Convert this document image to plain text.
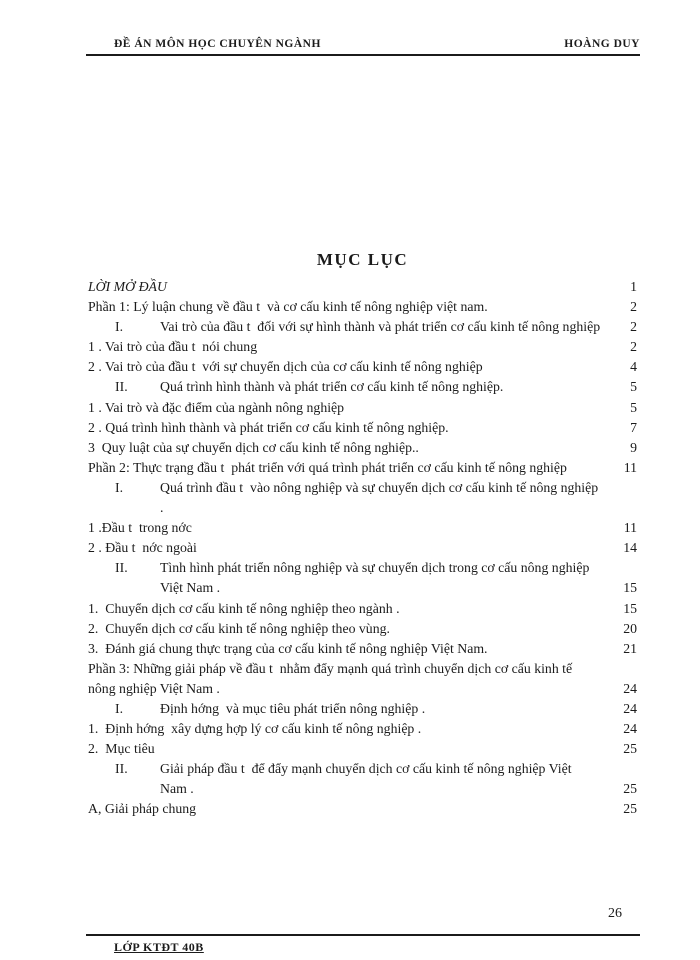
ĐỀ ÁN MÔN HỌC CHUYÊN NGÀNH	HOÀNG DUY
MỤC LỤC
LỜI MỞ ĐẦU	1
Phần 1: Lý luận chung về đầu t  và cơ cấu kinh tế nông nghiệp việt nam.	2
I.	Vai trò của đầu t  đối với sự hình thành và phát triển cơ cấu kinh tế nông nghiệp	2
1 . Vai trò của đầu t  nói chung	2
2 . Vai trò của đầu t  với sự chuyển dịch của cơ cấu kinh tế nông nghiệp	4
II.	Quá trình hình thành và phát triển cơ cấu kinh tế nông nghiệp.	5
1 . Vai trò và đặc điểm của ngành nông nghiệp	5
2 . Quá trình hình thành và phát triển cơ cấu kinh tế nông nghiệp.	7
3  Quy luật của sự chuyển dịch cơ cấu kinh tế nông nghiệp..	9
Phần 2: Thực trạng đầu t  phát triển với quá trình phát triển cơ cấu kinh tế nông nghiệp	11
I.	Quá trình đầu t  vào nông nghiệp và sự chuyển dịch cơ cấu kinh tế nông nghiệp .
1 .Đầu t  trong nớc	11
2 . Đầu t  nớc ngoài	14
II.	Tình hình phát triển nông nghiệp và sự chuyển dịch trong cơ cấu nông nghiệp Việt Nam .	15
1.  Chuyển dịch cơ cấu kinh tế nông nghiệp theo ngành .	15
2.  Chuyển dịch cơ cấu kinh tế nông nghiệp theo vùng.	20
3.  Đánh giá chung thực trạng của cơ cấu kinh tế nông nghiệp Việt Nam.	21
Phần 3: Những giải pháp về đầu t  nhằm đẩy mạnh quá trình chuyển dịch cơ cấu kinh tế nông nghiệp Việt Nam .	24
I.	Định hớng  và mục tiêu phát triển nông nghiệp .	24
1.  Định hớng  xây dựng hợp lý cơ cấu kinh tế nông nghiệp .	24
2.  Mục tiêu	25
II.	Giải pháp đầu t  để đẩy mạnh chuyển dịch cơ cấu kinh tế nông nghiệp Việt Nam .	25
A, Giải pháp chung	25
26
LỚP KTĐT 40B
